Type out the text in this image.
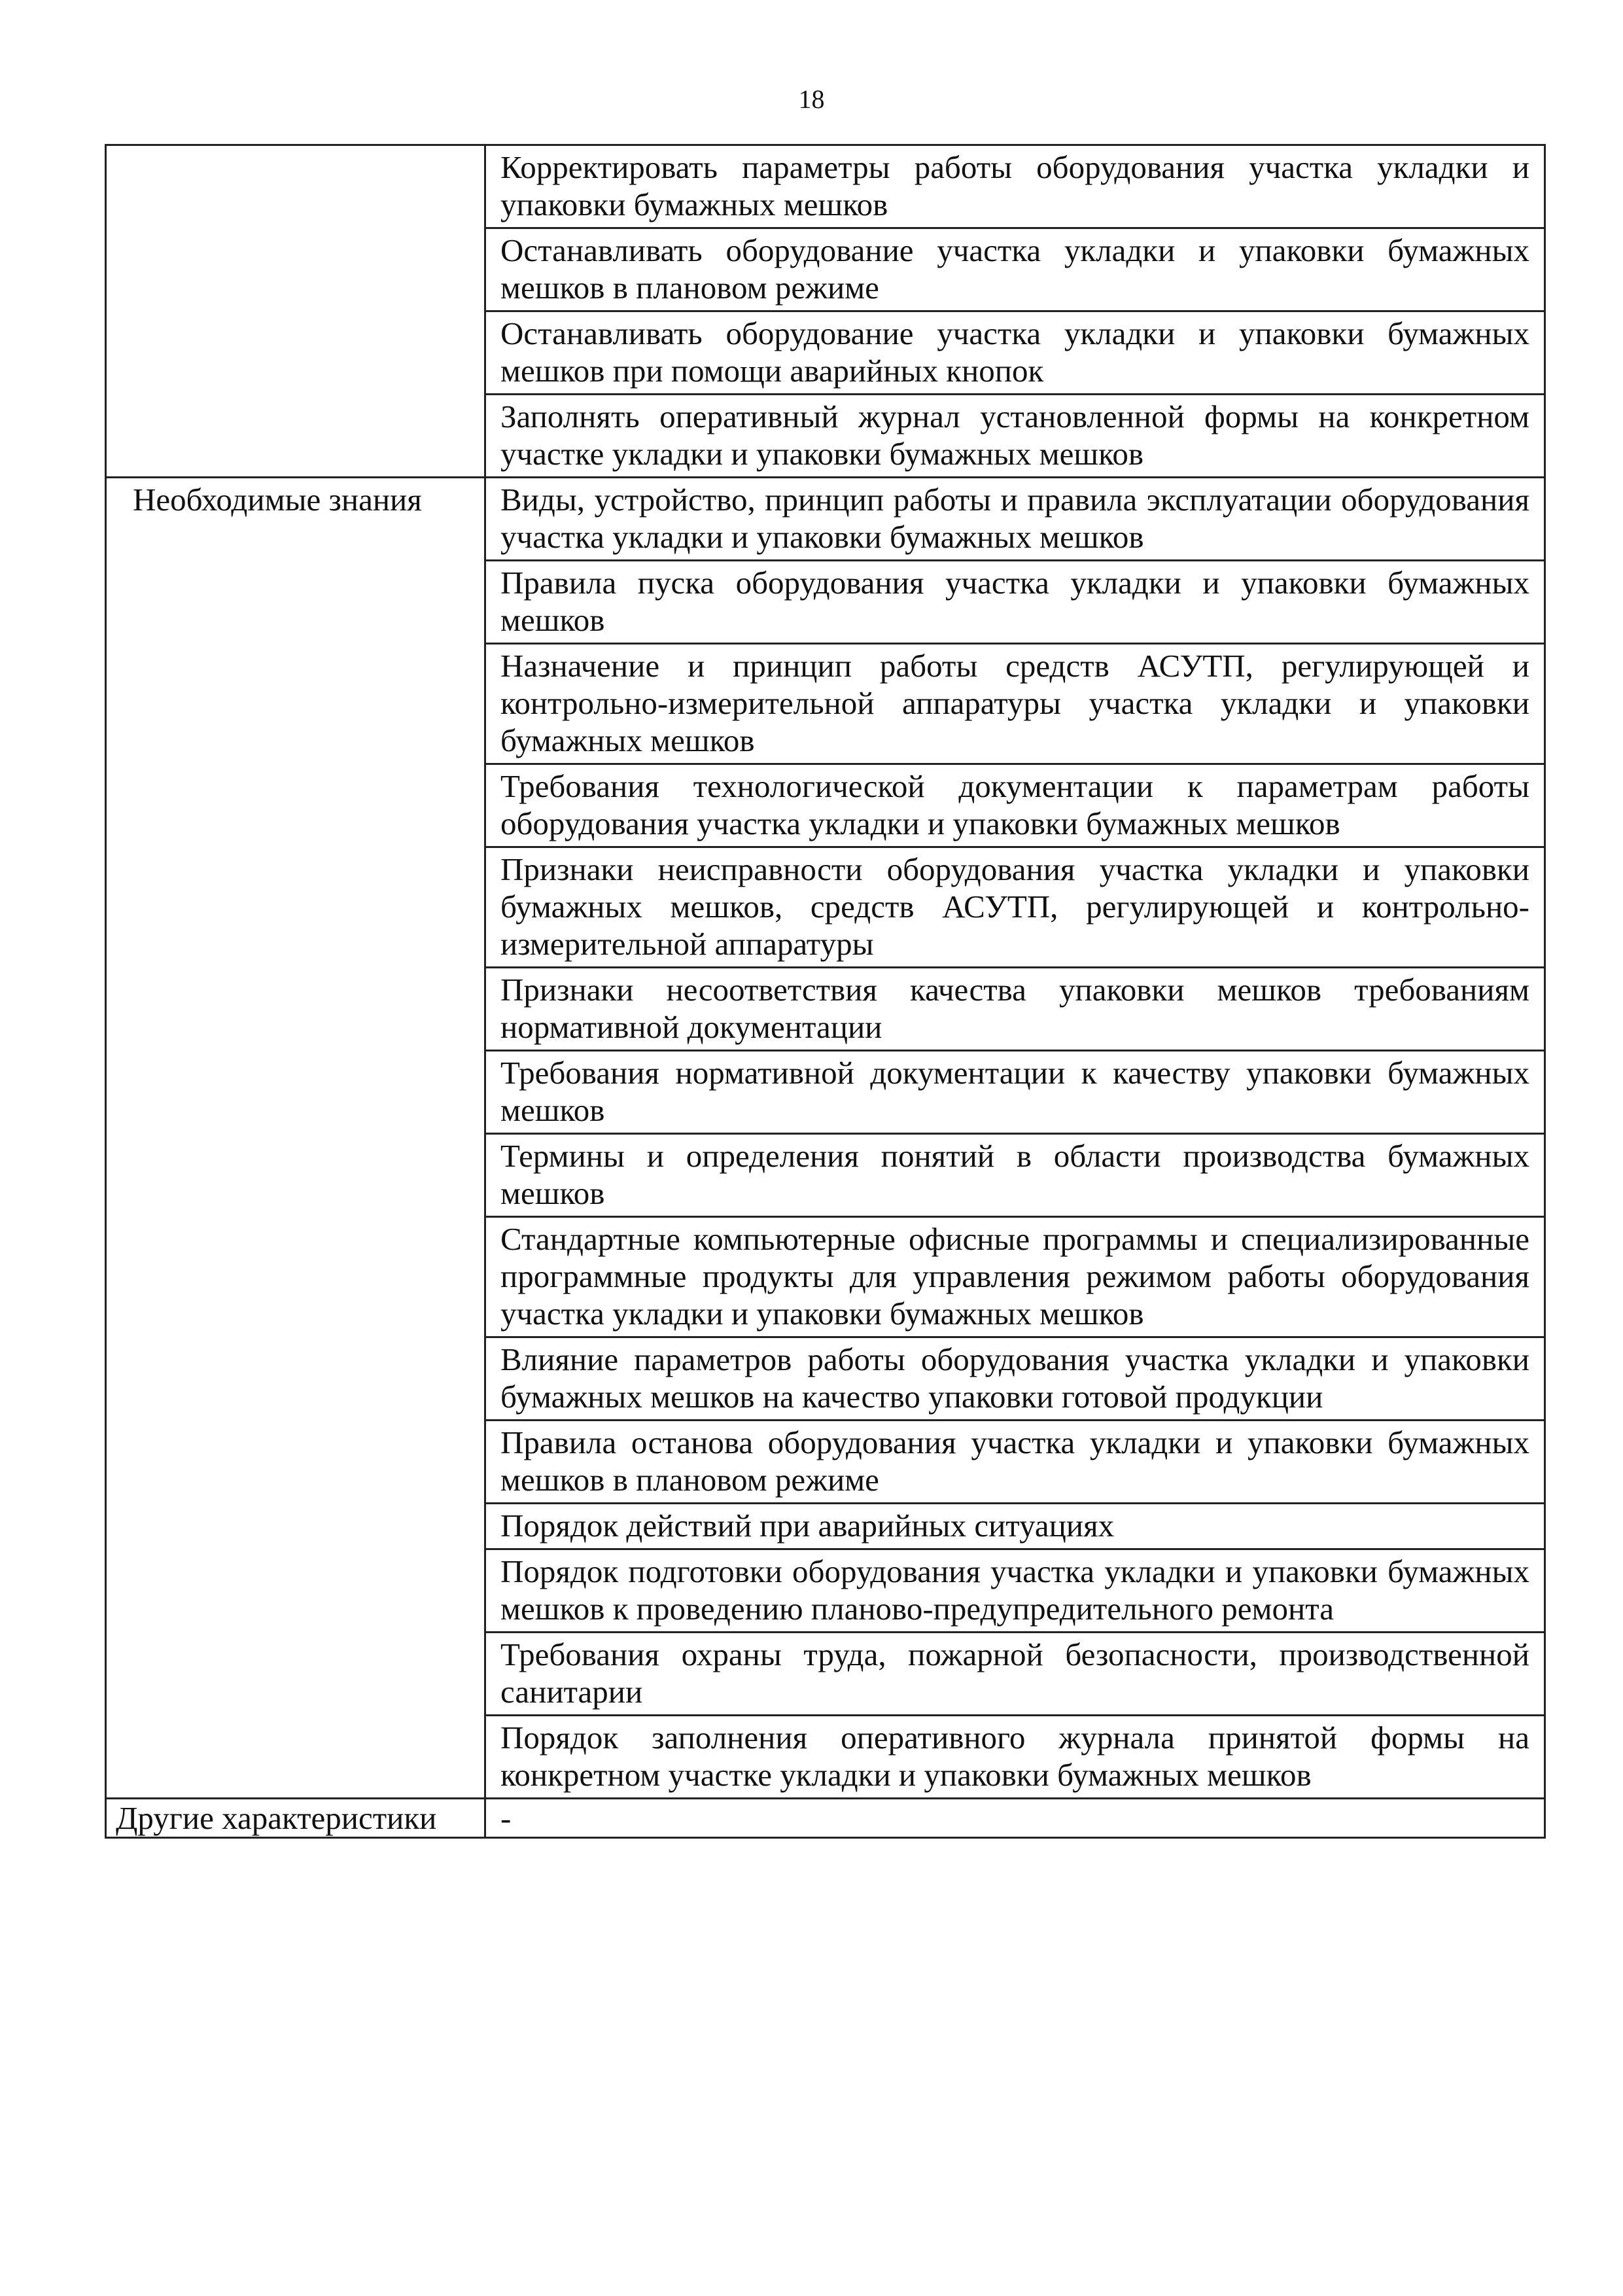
18
	Корректировать параметры работы оборудования участка укладки и упаковки бумажных мешков
	Останавливать оборудование участка укладки и упаковки бумажных мешков в плановом режиме
	Останавливать оборудование участка укладки и упаковки бумажных мешков при помощи аварийных кнопок
	Заполнять оперативный журнал установленной формы на конкретном участке укладки и упаковки бумажных мешков
Необходимые знания	Виды, устройство, принцип работы и правила эксплуатации оборудования участка укладки и упаковки бумажных мешков
	Правила пуска оборудования участка укладки и упаковки бумажных мешков
	Назначение и принцип работы средств АСУТП, регулирующей и контрольно-измерительной аппаратуры участка укладки и упаковки бумажных мешков
	Требования технологической документации к параметрам работы оборудования участка укладки и упаковки бумажных мешков
	Признаки неисправности оборудования участка укладки и упаковки бумажных мешков, средств АСУТП, регулирующей и контрольно-измерительной аппаратуры
	Признаки несоответствия качества упаковки мешков требованиям нормативной документации
	Требования нормативной документации к качеству упаковки бумажных мешков
	Термины и определения понятий в области производства бумажных мешков
	Стандартные компьютерные офисные программы и специализированные программные продукты для управления режимом работы оборудования участка укладки и упаковки бумажных мешков
	Влияние параметров работы оборудования участка укладки и упаковки бумажных мешков на качество упаковки готовой продукции
	Правила останова оборудования участка укладки и упаковки бумажных мешков в плановом режиме
	Порядок действий при аварийных ситуациях
	Порядок подготовки оборудования участка укладки и упаковки бумажных мешков к проведению планово-предупредительного ремонта
	Требования охраны труда, пожарной безопасности, производственной санитарии
	Порядок заполнения оперативного журнала принятой формы на конкретном участке укладки и упаковки бумажных мешков
Другие характеристики	-
